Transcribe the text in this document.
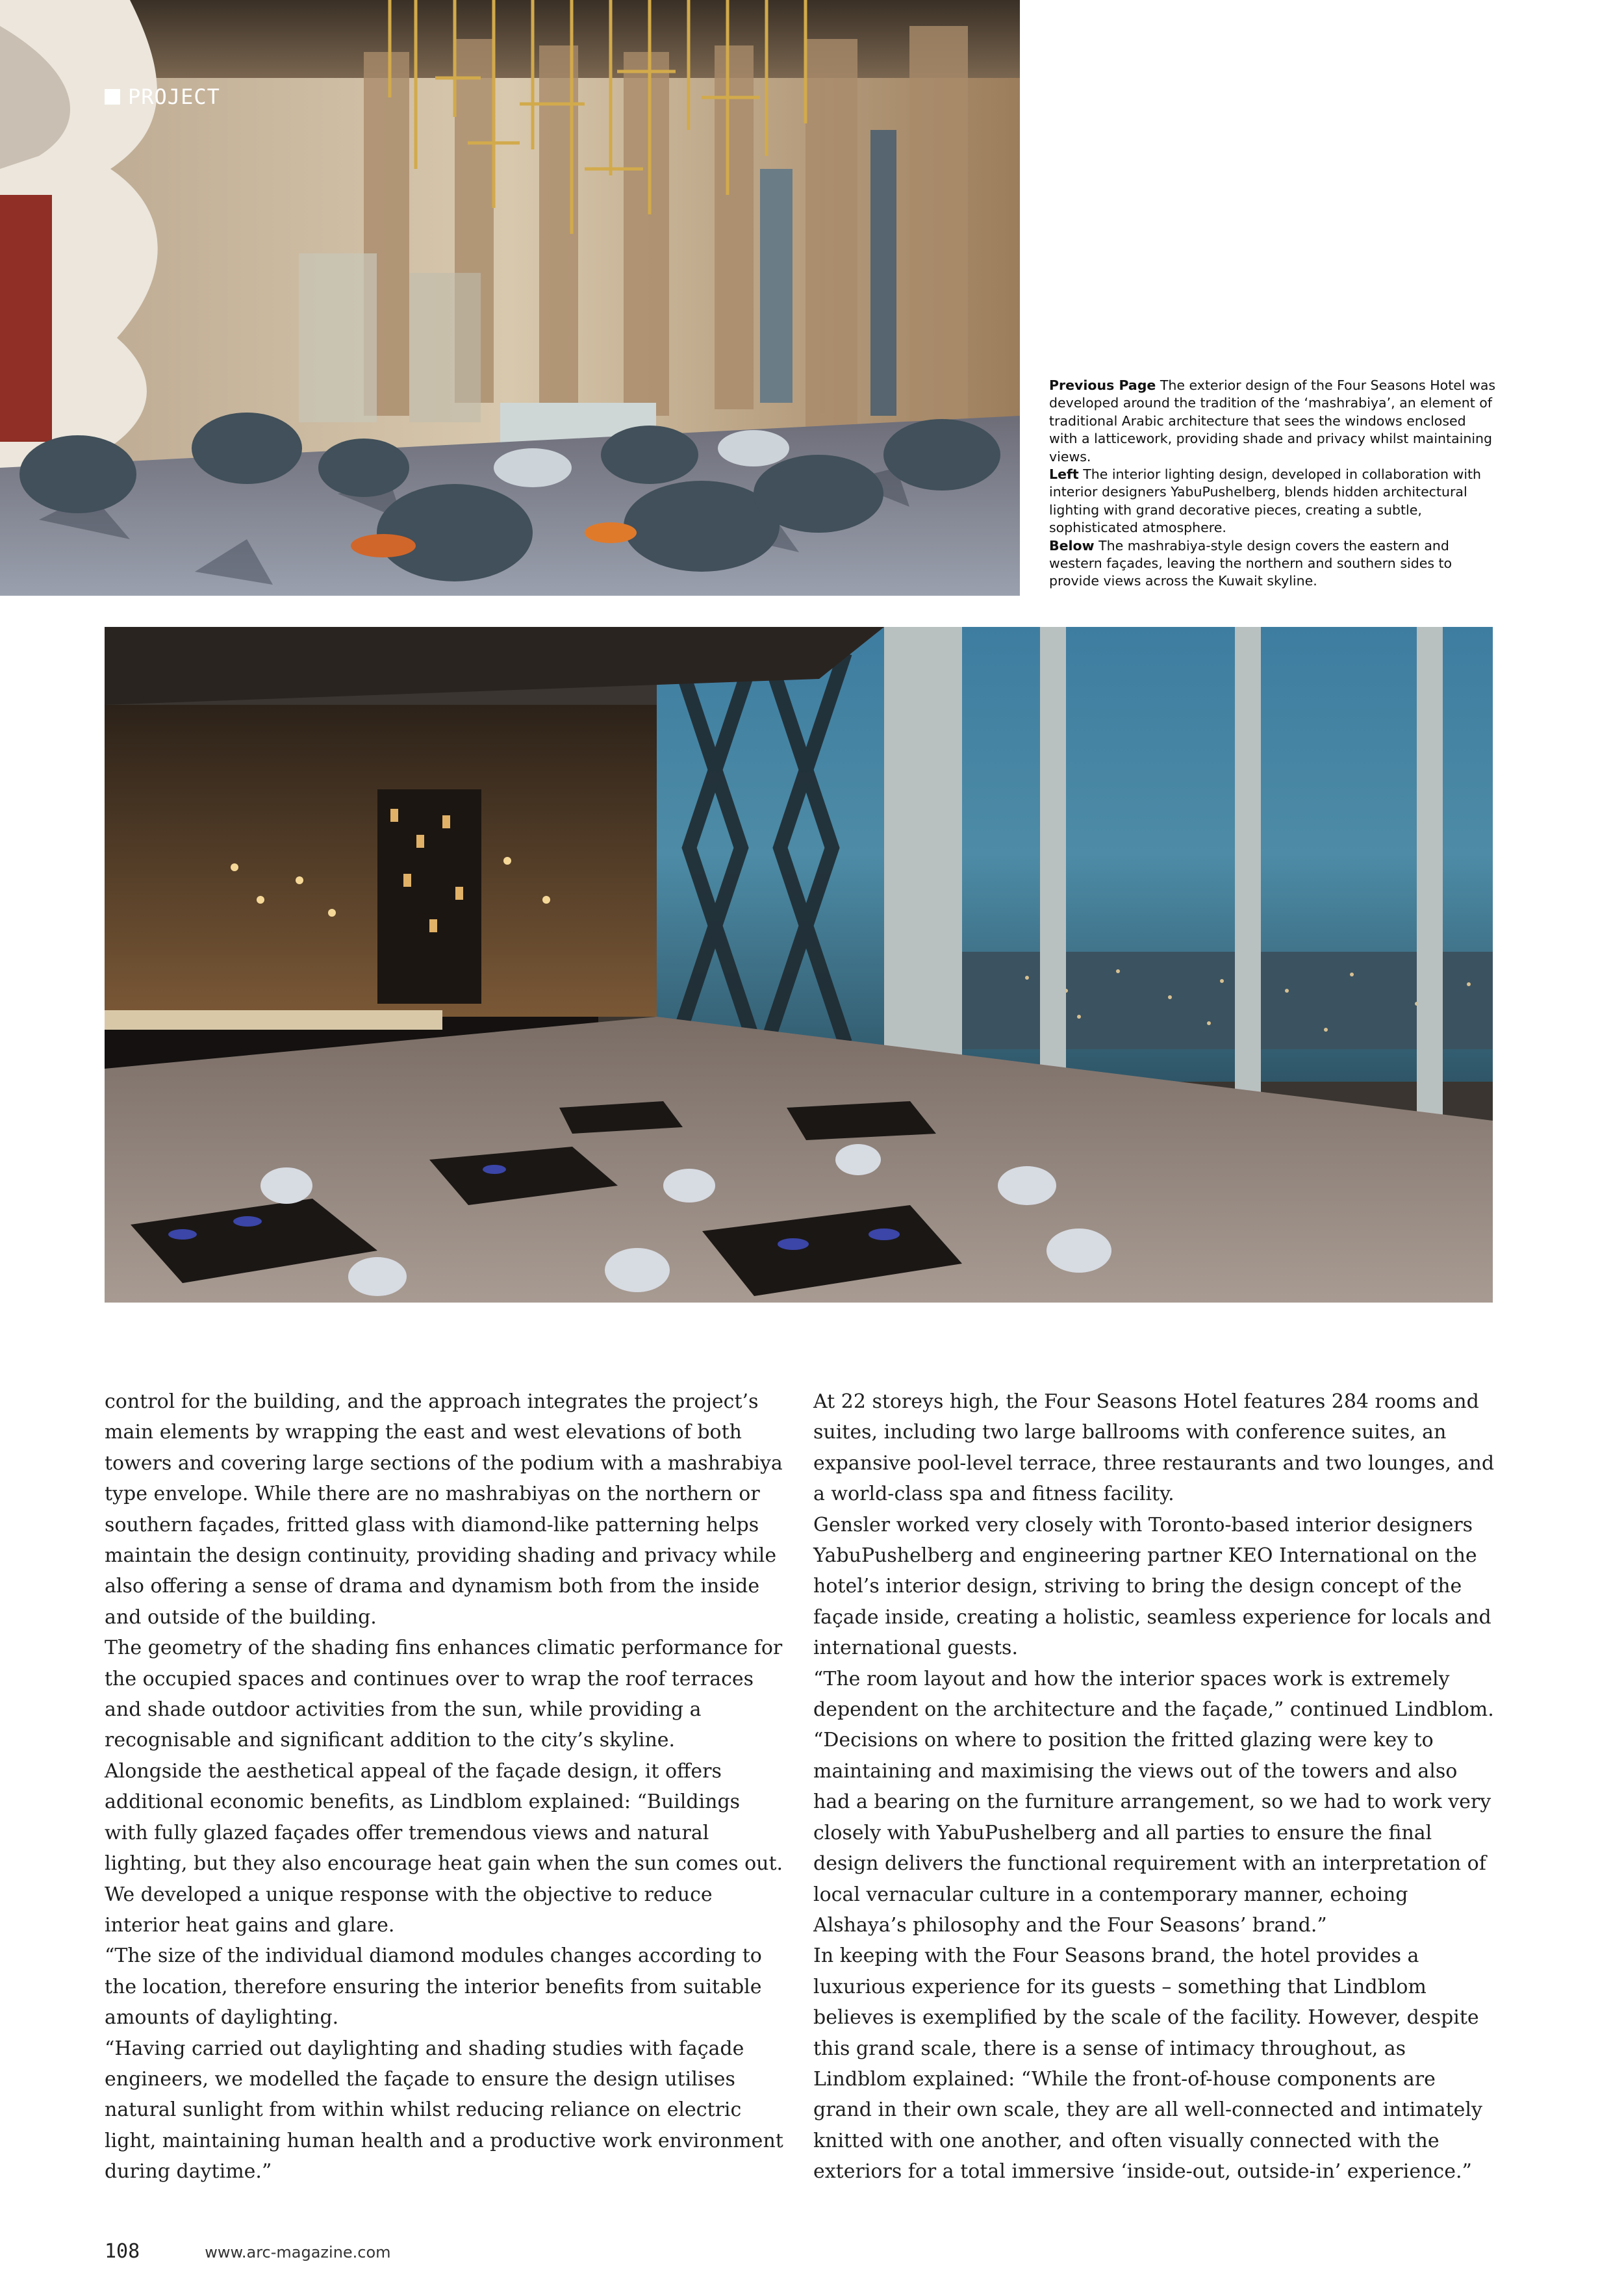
PROJECT

Previous Page The exterior design of the Four Seasons Hotel was developed around the tradition of the ‘mashrabiya’, an element of traditional Arabic architecture that sees the windows enclosed with a latticework, providing shade and privacy whilst maintaining views.

Left The interior lighting design, developed in collaboration with interior designers YabuPushelberg, blends hidden architectural lighting with grand decorative pieces, creating a subtle, sophisticated atmosphere.

Below The mashrabiya-style design covers the eastern and western façades, leaving the northern and southern sides to provide views across the Kuwait skyline.

control for the building, and the approach integrates the project’s main elements by wrapping the east and west elevations of both towers and covering large sections of the podium with a mashrabiya type envelope. While there are no mashrabiyas on the northern or southern façades, fritted glass with diamond-like patterning helps maintain the design continuity, providing shading and privacy while also offering a sense of drama and dynamism both from the inside and outside of the building.

The geometry of the shading fins enhances climatic performance for the occupied spaces and continues over to wrap the roof terraces and shade outdoor activities from the sun, while providing a recognisable and significant addition to the city’s skyline.

Alongside the aesthetical appeal of the façade design, it offers additional economic benefits, as Lindblom explained: “Buildings with fully glazed façades offer tremendous views and natural lighting, but they also encourage heat gain when the sun comes out. We developed a unique response with the objective to reduce interior heat gains and glare.

“The size of the individual diamond modules changes according to the location, therefore ensuring the interior benefits from suitable amounts of daylighting.

“Having carried out daylighting and shading studies with façade engineers, we modelled the façade to ensure the design utilises natural sunlight from within whilst reducing reliance on electric light, maintaining human health and a productive work environment during daytime.”

At 22 storeys high, the Four Seasons Hotel features 284 rooms and suites, including two large ballrooms with conference suites, an expansive pool-level terrace, three restaurants and two lounges, and a world-class spa and fitness facility.

Gensler worked very closely with Toronto-based interior designers YabuPushelberg and engineering partner KEO International on the hotel’s interior design, striving to bring the design concept of the façade inside, creating a holistic, seamless experience for locals and international guests.

“The room layout and how the interior spaces work is extremely dependent on the architecture and the façade,” continued Lindblom. “Decisions on where to position the fritted glazing were key to maintaining and maximising the views out of the towers and also had a bearing on the furniture arrangement, so we had to work very closely with YabuPushelberg and all parties to ensure the final design delivers the functional requirement with an interpretation of local vernacular culture in a contemporary manner, echoing Alshaya’s philosophy and the Four Seasons’ brand.”

In keeping with the Four Seasons brand, the hotel provides a luxurious experience for its guests – something that Lindblom believes is exemplified by the scale of the facility. However, despite this grand scale, there is a sense of intimacy throughout, as Lindblom explained: “While the front-of-house components are grand in their own scale, they are all well-connected and intimately knitted with one another, and often visually connected with the exteriors for a total immersive ‘inside-out, outside-in’ experience.”

108	www.arc-magazine.com
